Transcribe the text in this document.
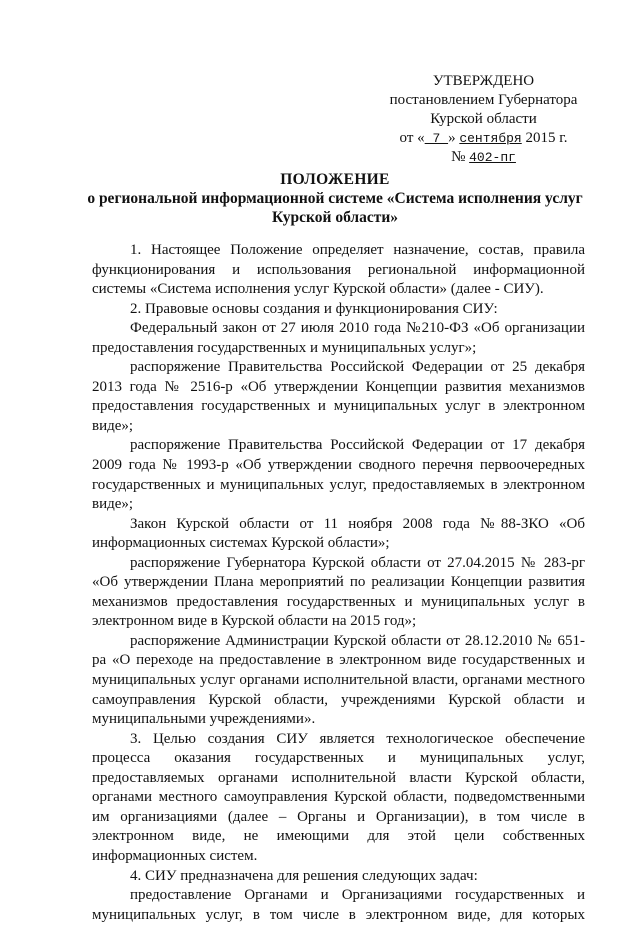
УТВЕРЖДЕНО
постановлением Губернатора
Курской области
от « 7 » сентября 2015 г.
№ 402-пг
ПОЛОЖЕНИЕ
о региональной информационной системе «Система исполнения услуг Курской области»

1. Настоящее Положение определяет назначение, состав, правила функционирования и использования региональной информационной системы «Система исполнения услуг Курской области» (далее - СИУ).

2. Правовые основы создания и функционирования СИУ:

Федеральный закон от 27 июля 2010 года №210-ФЗ «Об организации предоставления государственных и муниципальных услуг»;

распоряжение Правительства Российской Федерации от 25 декабря 2013 года № 2516-р «Об утверждении Концепции развития механизмов предоставления государственных и муниципальных услуг в электронном виде»;

распоряжение Правительства Российской Федерации от 17 декабря 2009 года № 1993-р «Об утверждении сводного перечня первоочередных государственных и муниципальных услуг, предоставляемых в электронном виде»;

Закон Курской области от 11 ноября 2008 года №88-ЗКО «Об информационных системах Курской области»;

распоряжение Губернатора Курской области от 27.04.2015 № 283-рг «Об утверждении Плана мероприятий по реализации Концепции развития механизмов предоставления государственных и муниципальных услуг в электронном виде в Курской области на 2015 год»;

распоряжение Администрации Курской области от 28.12.2010 № 651-ра «О переходе на предоставление в электронном виде государственных и муниципальных услуг органами исполнительной власти, органами местного самоуправления Курской области, учреждениями Курской области и муниципальными учреждениями».

3. Целью создания СИУ является технологическое обеспечение процесса оказания государственных и муниципальных услуг, предоставляемых органами исполнительной власти Курской области, органами местного самоуправления Курской области, подведомственными им организациями (далее – Органы и Организации), в том числе в электронном виде, не имеющими для этой цели собственных информационных систем.

4. СИУ предназначена для решения следующих задач:

предоставление Органами и Организациями государственных и муниципальных услуг, в том числе в электронном виде, для которых
